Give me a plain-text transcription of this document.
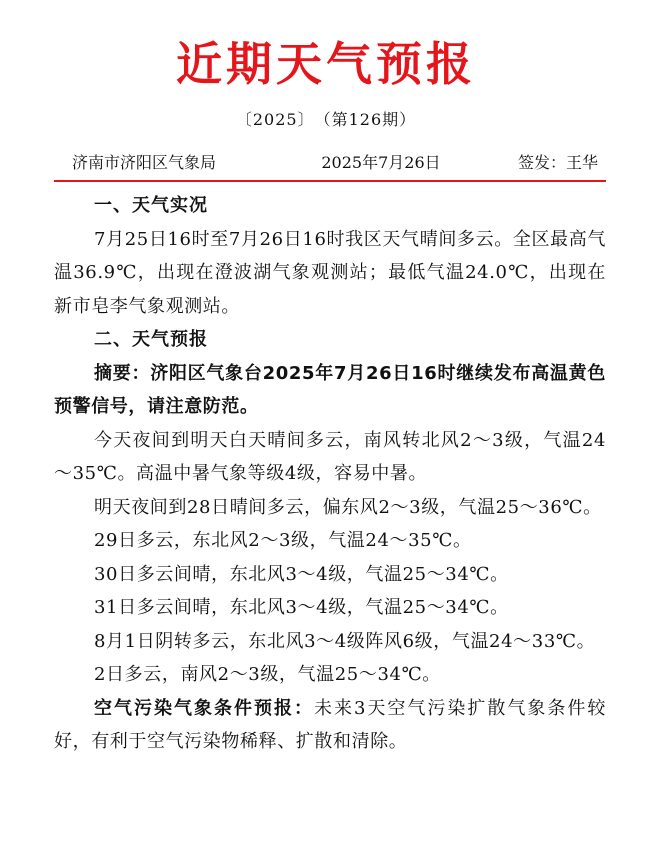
近期天气预报
〔2025〕 （第126期）
济南市济阳区气象局	2025年7月26日	签发：王华

一、天气实况

7月25日16时至7月26日16时我区天气晴间多云。全区最高气温36.9℃，出现在澄波湖气象观测站；最低气温24.0℃，出现在新市皂李气象观测站。

二、天气预报

摘要：济阳区气象台2025年7月26日16时继续发布高温黄色预警信号，请注意防范。

今天夜间到明天白天晴间多云，南风转北风2～3级，气温24～35℃。高温中暑气象等级4级，容易中暑。

明天夜间到28日晴间多云，偏东风2～3级，气温25～36℃。

29日多云，东北风2～3级，气温24～35℃。

30日多云间晴，东北风3～4级，气温25～34℃。

31日多云间晴，东北风3～4级，气温25～34℃。

8月1日阴转多云，东北风3～4级阵风6级，气温24～33℃。

2日多云，南风2～3级，气温25～34℃。

空气污染气象条件预报：未来3天空气污染扩散气象条件较好，有利于空气污染物稀释、扩散和清除。
